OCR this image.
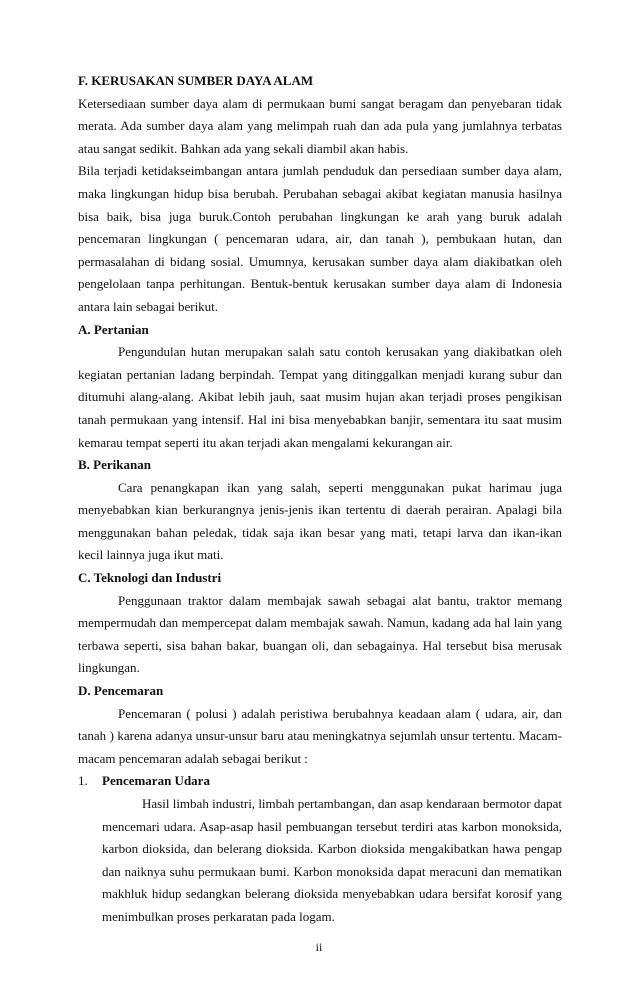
F. KERUSAKAN SUMBER DAYA ALAM

Ketersediaan sumber daya alam di permukaan bumi sangat beragam dan penyebaran tidak merata. Ada sumber daya alam yang melimpah ruah dan ada pula yang jumlahnya terbatas atau sangat sedikit. Bahkan ada yang sekali diambil akan habis.

Bila terjadi ketidakseimbangan antara jumlah penduduk dan persediaan sumber daya alam, maka lingkungan hidup bisa berubah. Perubahan sebagai akibat kegiatan manusia hasilnya bisa baik, bisa juga buruk.Contoh perubahan lingkungan ke arah yang buruk adalah pencemaran lingkungan ( pencemaran udara, air, dan tanah ), pembukaan hutan, dan permasalahan di bidang sosial. Umumnya, kerusakan sumber daya alam diakibatkan oleh pengelolaan tanpa perhitungan. Bentuk-bentuk kerusakan sumber daya alam di Indonesia antara lain sebagai berikut.

A. Pertanian

Pengundulan hutan merupakan salah satu contoh kerusakan yang diakibatkan oleh kegiatan pertanian ladang berpindah. Tempat yang ditinggalkan menjadi kurang subur dan ditumuhi alang-alang. Akibat lebih jauh, saat musim hujan akan terjadi proses pengikisan tanah permukaan yang intensif. Hal ini bisa menyebabkan banjir, sementara itu saat musim kemarau tempat seperti itu akan terjadi akan mengalami kekurangan air.

B. Perikanan

Cara penangkapan ikan yang salah, seperti menggunakan pukat harimau juga menyebabkan kian berkurangnya jenis-jenis ikan tertentu di daerah perairan. Apalagi bila menggunakan bahan peledak, tidak saja ikan besar yang mati, tetapi larva dan ikan-ikan kecil lainnya juga ikut mati.

C. Teknologi dan Industri

Penggunaan traktor dalam membajak sawah sebagai alat bantu, traktor memang mempermudah dan mempercepat dalam membajak sawah. Namun, kadang ada hal lain yang terbawa seperti, sisa bahan bakar, buangan oli, dan sebagainya. Hal tersebut bisa merusak lingkungan.

D. Pencemaran

Pencemaran ( polusi ) adalah peristiwa berubahnya keadaan alam ( udara, air, dan tanah ) karena adanya unsur-unsur baru atau meningkatnya sejumlah unsur tertentu. Macam-macam pencemaran adalah sebagai berikut :

1.	Pencemaran Udara

Hasil limbah industri, limbah pertambangan, dan asap kendaraan bermotor dapat mencemari udara. Asap-asap hasil pembuangan tersebut terdiri atas karbon monoksida, karbon dioksida, dan belerang dioksida. Karbon dioksida mengakibatkan hawa pengap dan naiknya suhu permukaan bumi. Karbon monoksida dapat meracuni dan mematikan makhluk hidup sedangkan belerang dioksida menyebabkan udara bersifat korosif yang menimbulkan proses perkaratan pada logam.

ii
